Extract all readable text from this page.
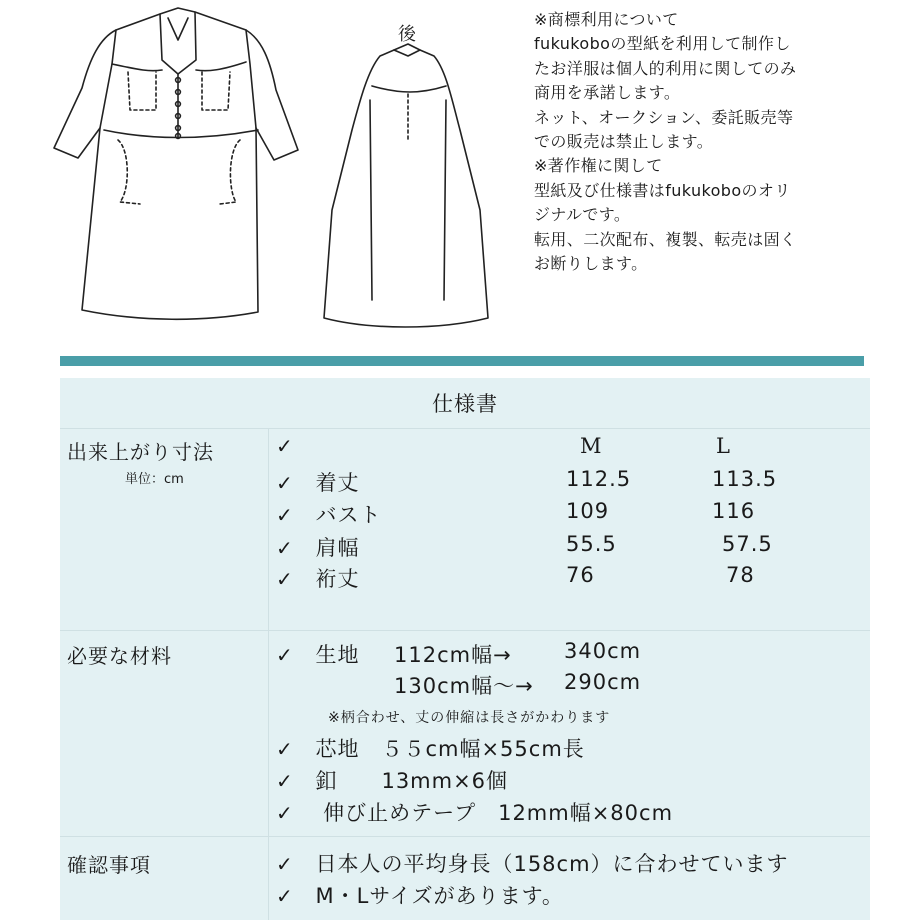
後
※商標利用について
fukukoboの型紙を利用して制作し
たお洋服は個人的利用に関してのみ
商用を承諾します。
ネット、オークション、委託販売等
での販売は禁止します。
※著作権に関して
型紙及び仕様書はfukukoboのオリ
ジナルです。
転用、二次配布、複製、転売は固く
お断りします。
仕様書
出来上がり寸法
単位：cm
✓	M	L
✓ 着丈	112.5	113.5
✓ バスト	109	116
✓ 肩幅	55.5	57.5
✓ 裄丈	76	78
必要な材料	✓ 生地 112cm幅→ 340cm
130cm幅～→ 290cm
※柄合わせ、丈の伸縮は長さがかわります
✓ 芯地　５５cm幅×55cm長
✓ 釦　　13mm×6個
✓  伸び止めテープ　12mm幅×80cm
確認事項	✓ 日本人の平均身長（158cm）に合わせています
✓ M・Lサイズがあります。
